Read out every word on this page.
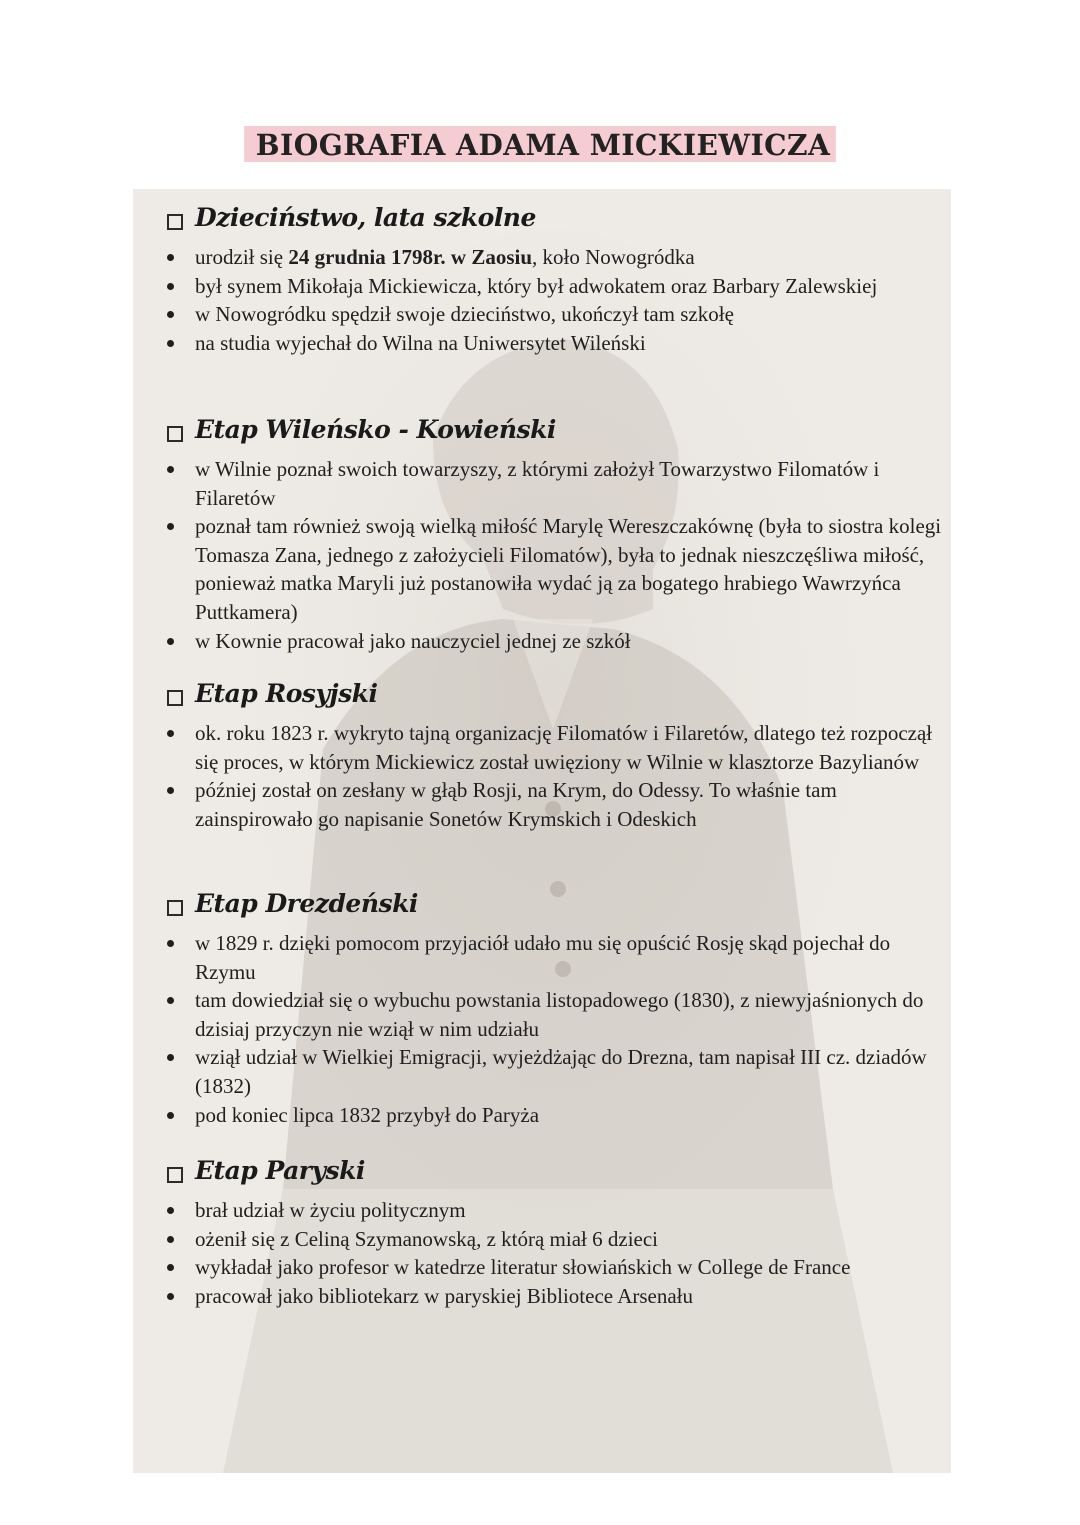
BIOGRAFIA ADAMA MICKIEWICZA
Dzieciństwo, lata szkolne
urodził się 24 grudnia 1798r. w Zaosiu, koło Nowogródka
był synem Mikołaja Mickiewicza, który był adwokatem oraz Barbary Zalewskiej
w Nowogródku spędził swoje dzieciństwo, ukończył tam szkołę
na studia wyjechał do Wilna na Uniwersytet Wileński
Etap Wileńsko - Kowieński
w Wilnie poznał swoich towarzyszy, z którymi założył Towarzystwo Filomatów i Filaretów
poznał tam również swoją wielką miłość Marylę Wereszczakównę (była to siostra kolegi Tomasza Zana, jednego z założycieli Filomatów), była to jednak nieszczęśliwa miłość, ponieważ matka Maryli już postanowiła wydać ją za bogatego hrabiego Wawrzyńca Puttkamera)
w Kownie pracował jako nauczyciel jednej ze szkół
Etap Rosyjski
ok. roku 1823 r. wykryto tajną organizację Filomatów i Filaretów, dlatego też rozpoczął się proces, w którym Mickiewicz został uwięziony w Wilnie w klasztorze Bazylianów
później został on zesłany w głąb Rosji, na Krym, do Odessy. To właśnie tam zainspirowało go napisanie Sonetów Krymskich i Odeskich
Etap Drezdeński
w 1829 r. dzięki pomocom przyjaciół udało mu się opuścić Rosję skąd pojechał do Rzymu
tam dowiedział się o wybuchu powstania listopadowego (1830), z niewyjaśnionych do dzisiaj przyczyn nie wziął w nim udziału
wziął udział w Wielkiej Emigracji, wyjeżdżając do Drezna, tam napisał III cz. dziadów (1832)
pod koniec lipca 1832 przybył do Paryża
Etap Paryski
brał udział w życiu politycznym
ożenił się z Celiną Szymanowską, z którą miał 6 dzieci
wykładał jako profesor w katedrze literatur słowiańskich w College de France
pracował jako bibliotekarz w paryskiej Bibliotece Arsenału
